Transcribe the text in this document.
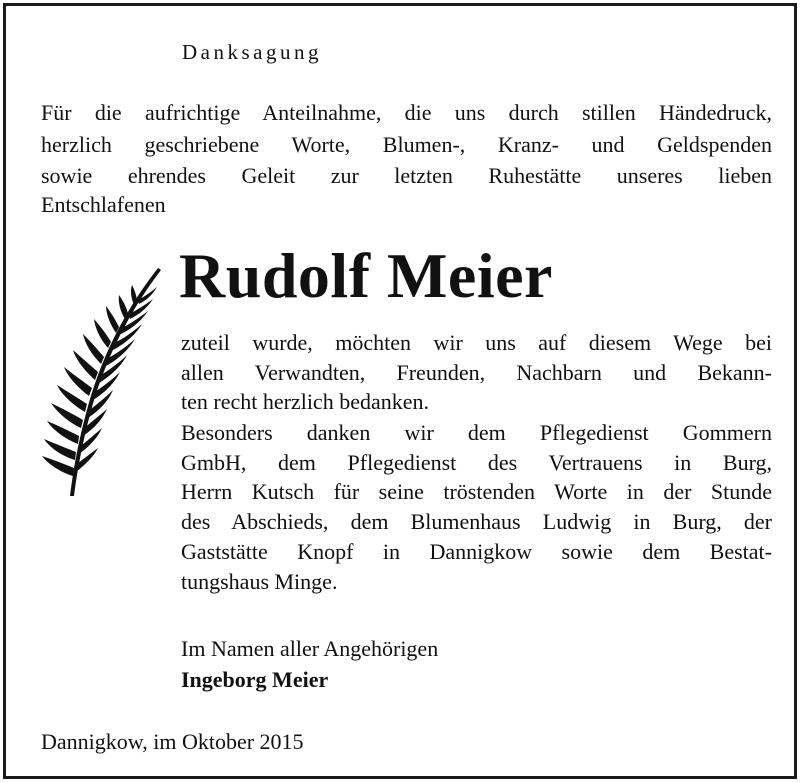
Danksagung
Für die aufrichtige Anteilnahme, die uns durch stillen Händedruck,
herzlich geschriebene Worte, Blumen-, Kranz- und Geldspenden
sowie ehrendes Geleit zur letzten Ruhestätte unseres lieben
Entschlafenen
Rudolf Meier
zuteil wurde, möchten wir uns auf diesem Wege bei
allen Verwandten, Freunden, Nachbarn und Bekann-
ten recht herzlich bedanken.
Besonders danken wir dem Pflegedienst Gommern
GmbH, dem Pflegedienst des Vertrauens in Burg,
Herrn Kutsch für seine tröstenden Worte in der Stunde
des Abschieds, dem Blumenhaus Ludwig in Burg, der
Gaststätte Knopf in Dannigkow sowie dem Bestat-
tungshaus Minge.
Im Namen aller Angehörigen
Ingeborg Meier
Dannigkow, im Oktober 2015
